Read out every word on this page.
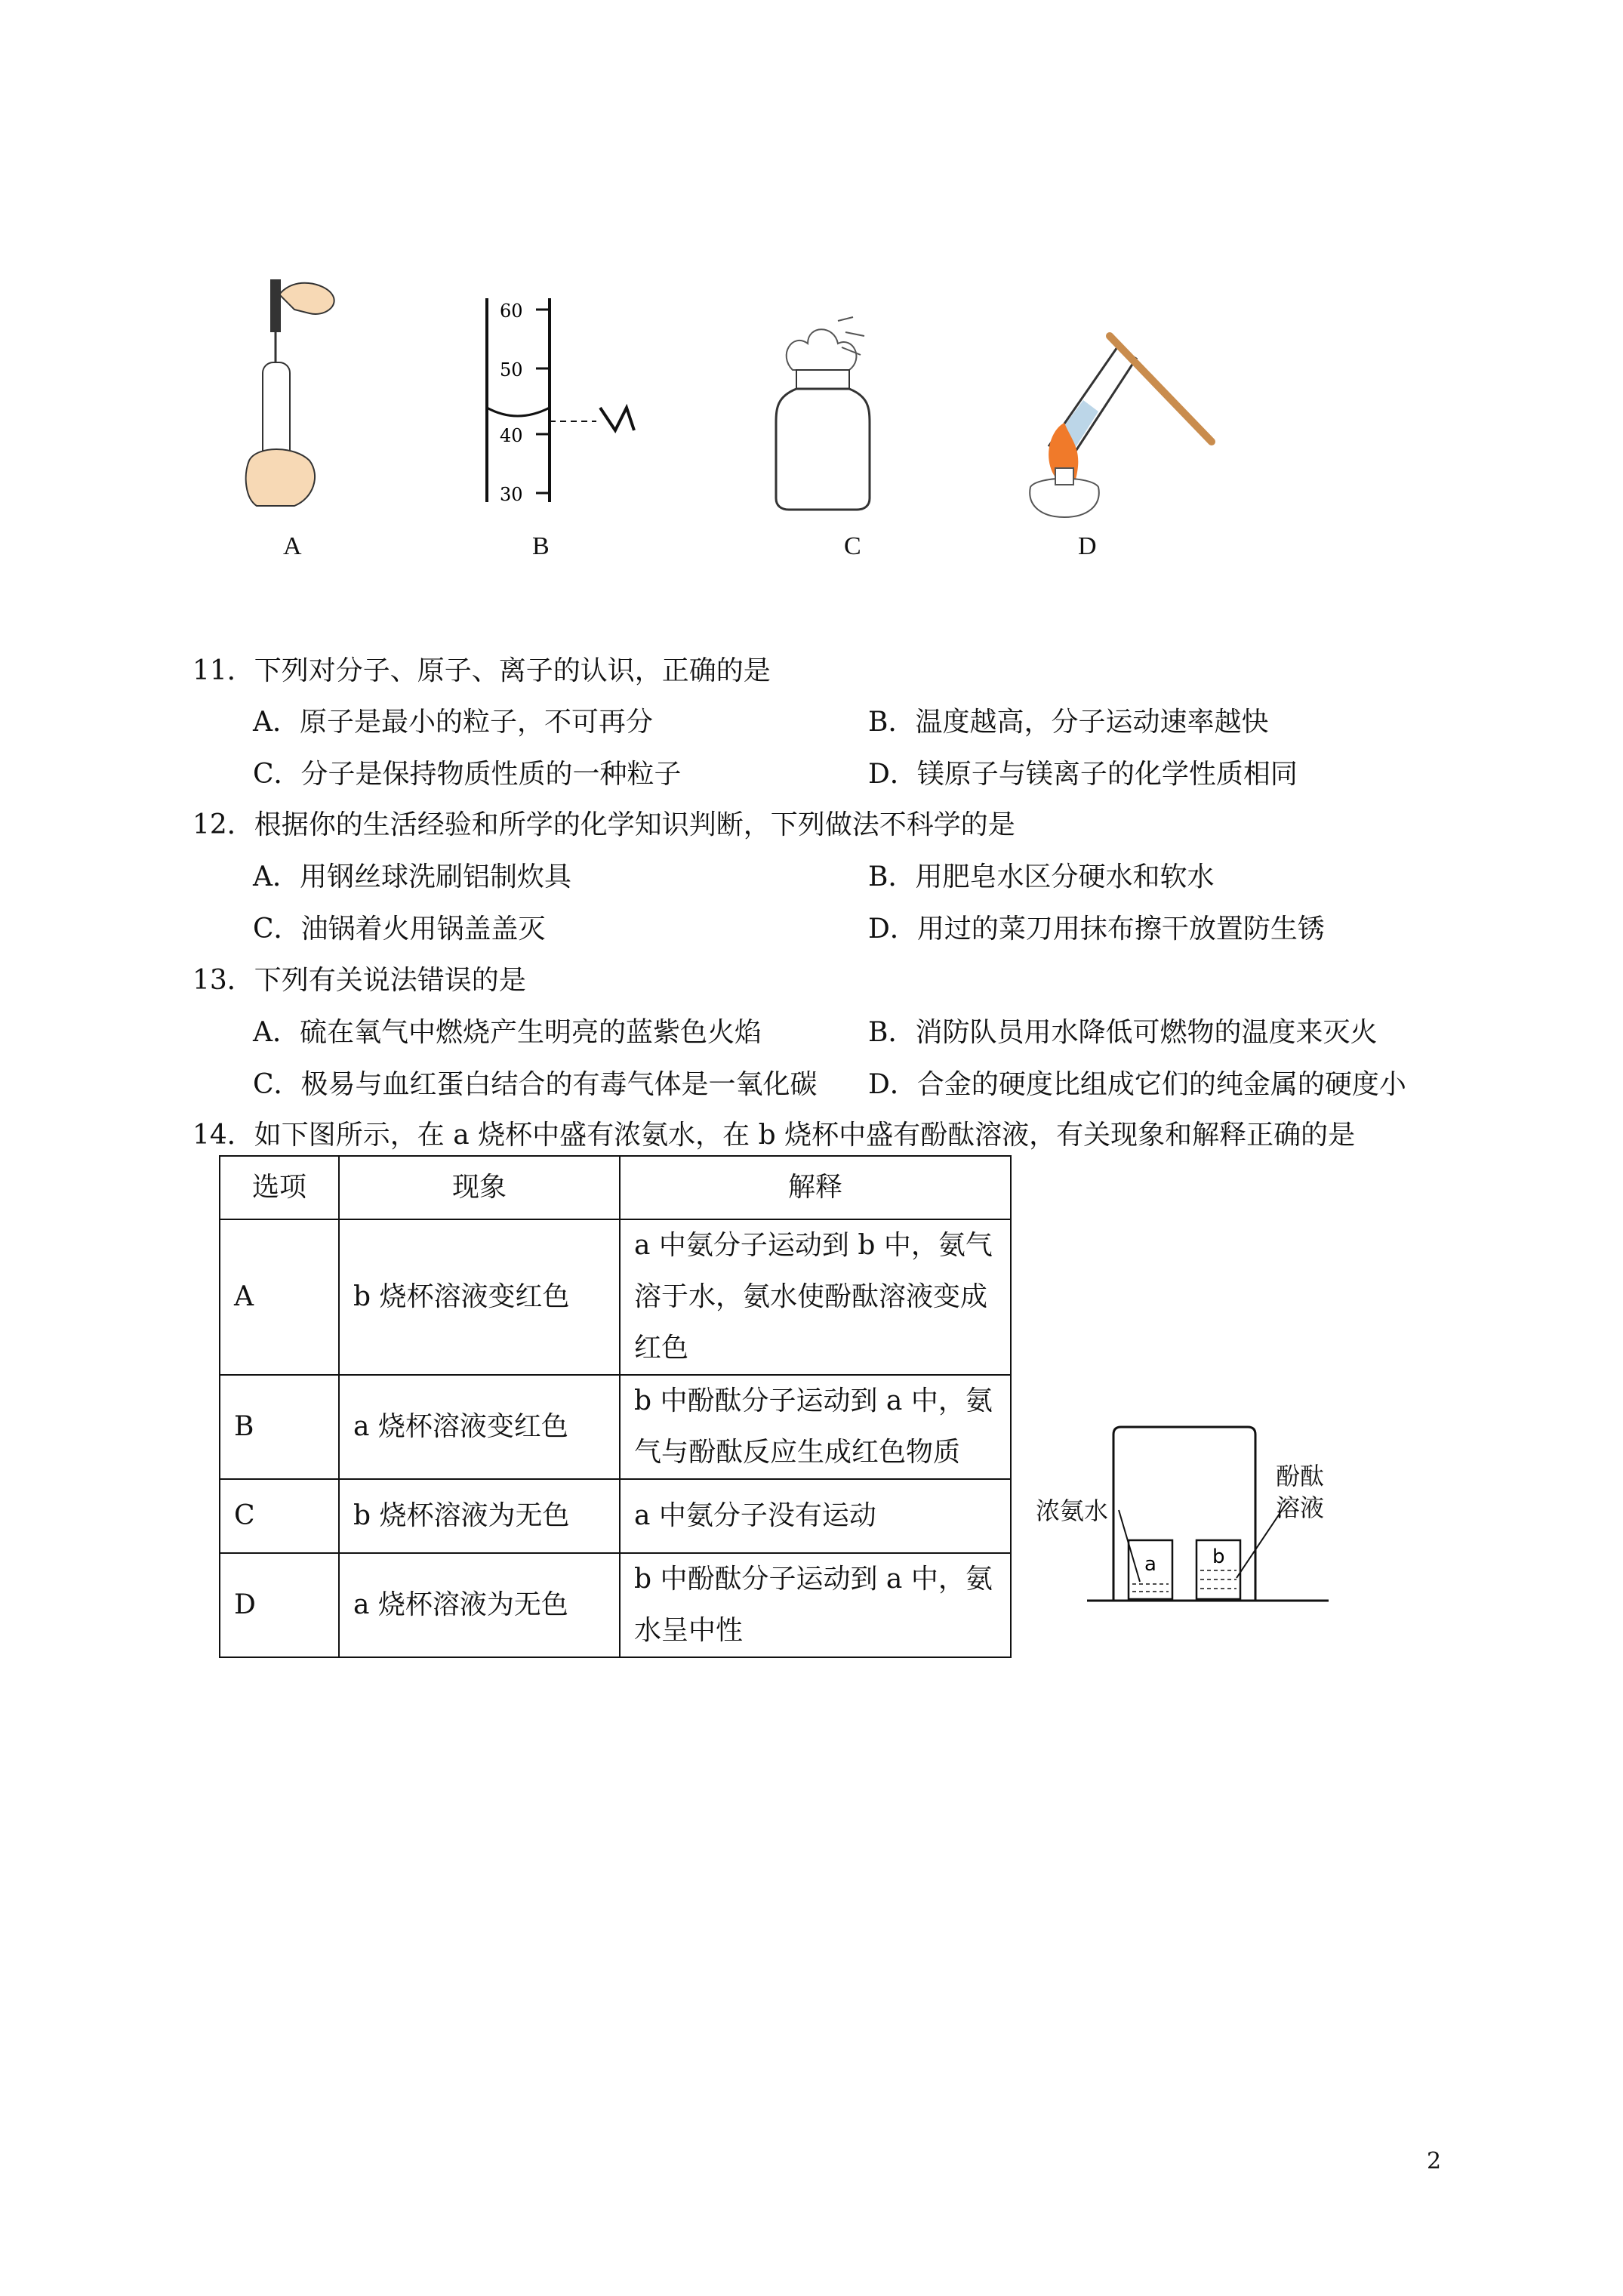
A
60
50
40
30
B	C	D
11．下列对分子、原子、离子的认识，正确的是
A．原子是最小的粒子，不可再分	B．温度越高，分子运动速率越快
C．分子是保持物质性质的一种粒子	D．镁原子与镁离子的化学性质相同
12．根据你的生活经验和所学的化学知识判断，下列做法不科学的是
A．用钢丝球洗刷铝制炊具	B．用肥皂水区分硬水和软水
C．油锅着火用锅盖盖灭	D．用过的菜刀用抹布擦干放置防生锈
13．下列有关说法错误的是
A．硫在氧气中燃烧产生明亮的蓝紫色火焰	B．消防队员用水降低可燃物的温度来灭火
C．极易与血红蛋白结合的有毒气体是一氧化碳 D．合金的硬度比组成它们的纯金属的硬度小
14．如下图所示，在 a 烧杯中盛有浓氨水，在 b 烧杯中盛有酚酞溶液，有关现象和解释正确的是
选项	现象	解释
A	b 烧杯溶液变红色	a 中氨分子运动到 b 中，氨气溶于水，氨水使酚酞溶液变成红色
B	a 烧杯溶液变红色	b 中酚酞分子运动到 a 中，氨气与酚酞反应生成红色物质
C	b 烧杯溶液为无色	a 中氨分子没有运动
D	a 烧杯溶液为无色	b 中酚酞分子运动到 a 中，氨水呈中性
a	b
浓氨水
酚酞
溶液
2
